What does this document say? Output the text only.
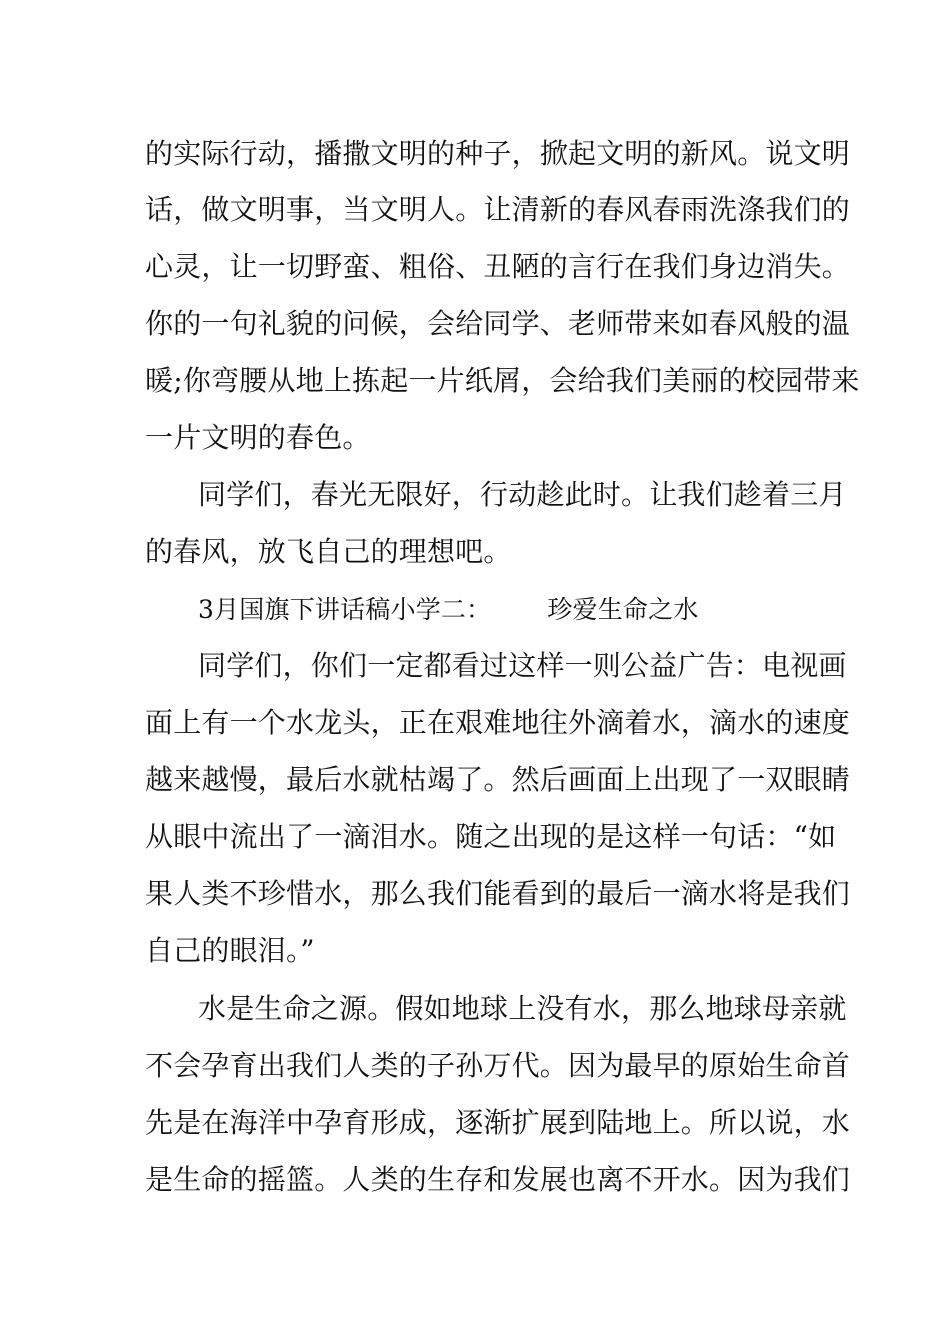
的实际行动，播撒文明的种子，掀起文明的新风。说文明
话，做文明事，当文明人。让清新的春风春雨洗涤我们的
心灵，让一切野蛮、粗俗、丑陋的言行在我们身边消失。
你的一句礼貌的问候，会给同学、老师带来如春风般的温
暖;你弯腰从地上拣起一片纸屑，会给我们美丽的校园带来
一片文明的春色。
同学们，春光无限好，行动趁此时。让我们趁着三月
的春风，放飞自己的理想吧。
3月国旗下讲话稿小学二： 珍爱生命之水
同学们，你们一定都看过这样一则公益广告：电视画
面上有一个水龙头，正在艰难地往外滴着水，滴水的速度
越来越慢，最后水就枯竭了。然后画面上出现了一双眼睛
从眼中流出了一滴泪水。随之出现的是这样一句话：“如
果人类不珍惜水，那么我们能看到的最后一滴水将是我们
自己的眼泪。”
水是生命之源。假如地球上没有水，那么地球母亲就
不会孕育出我们人类的子孙万代。因为最早的原始生命首
先是在海洋中孕育形成，逐渐扩展到陆地上。所以说，水
是生命的摇篮。人类的生存和发展也离不开水。因为我们
